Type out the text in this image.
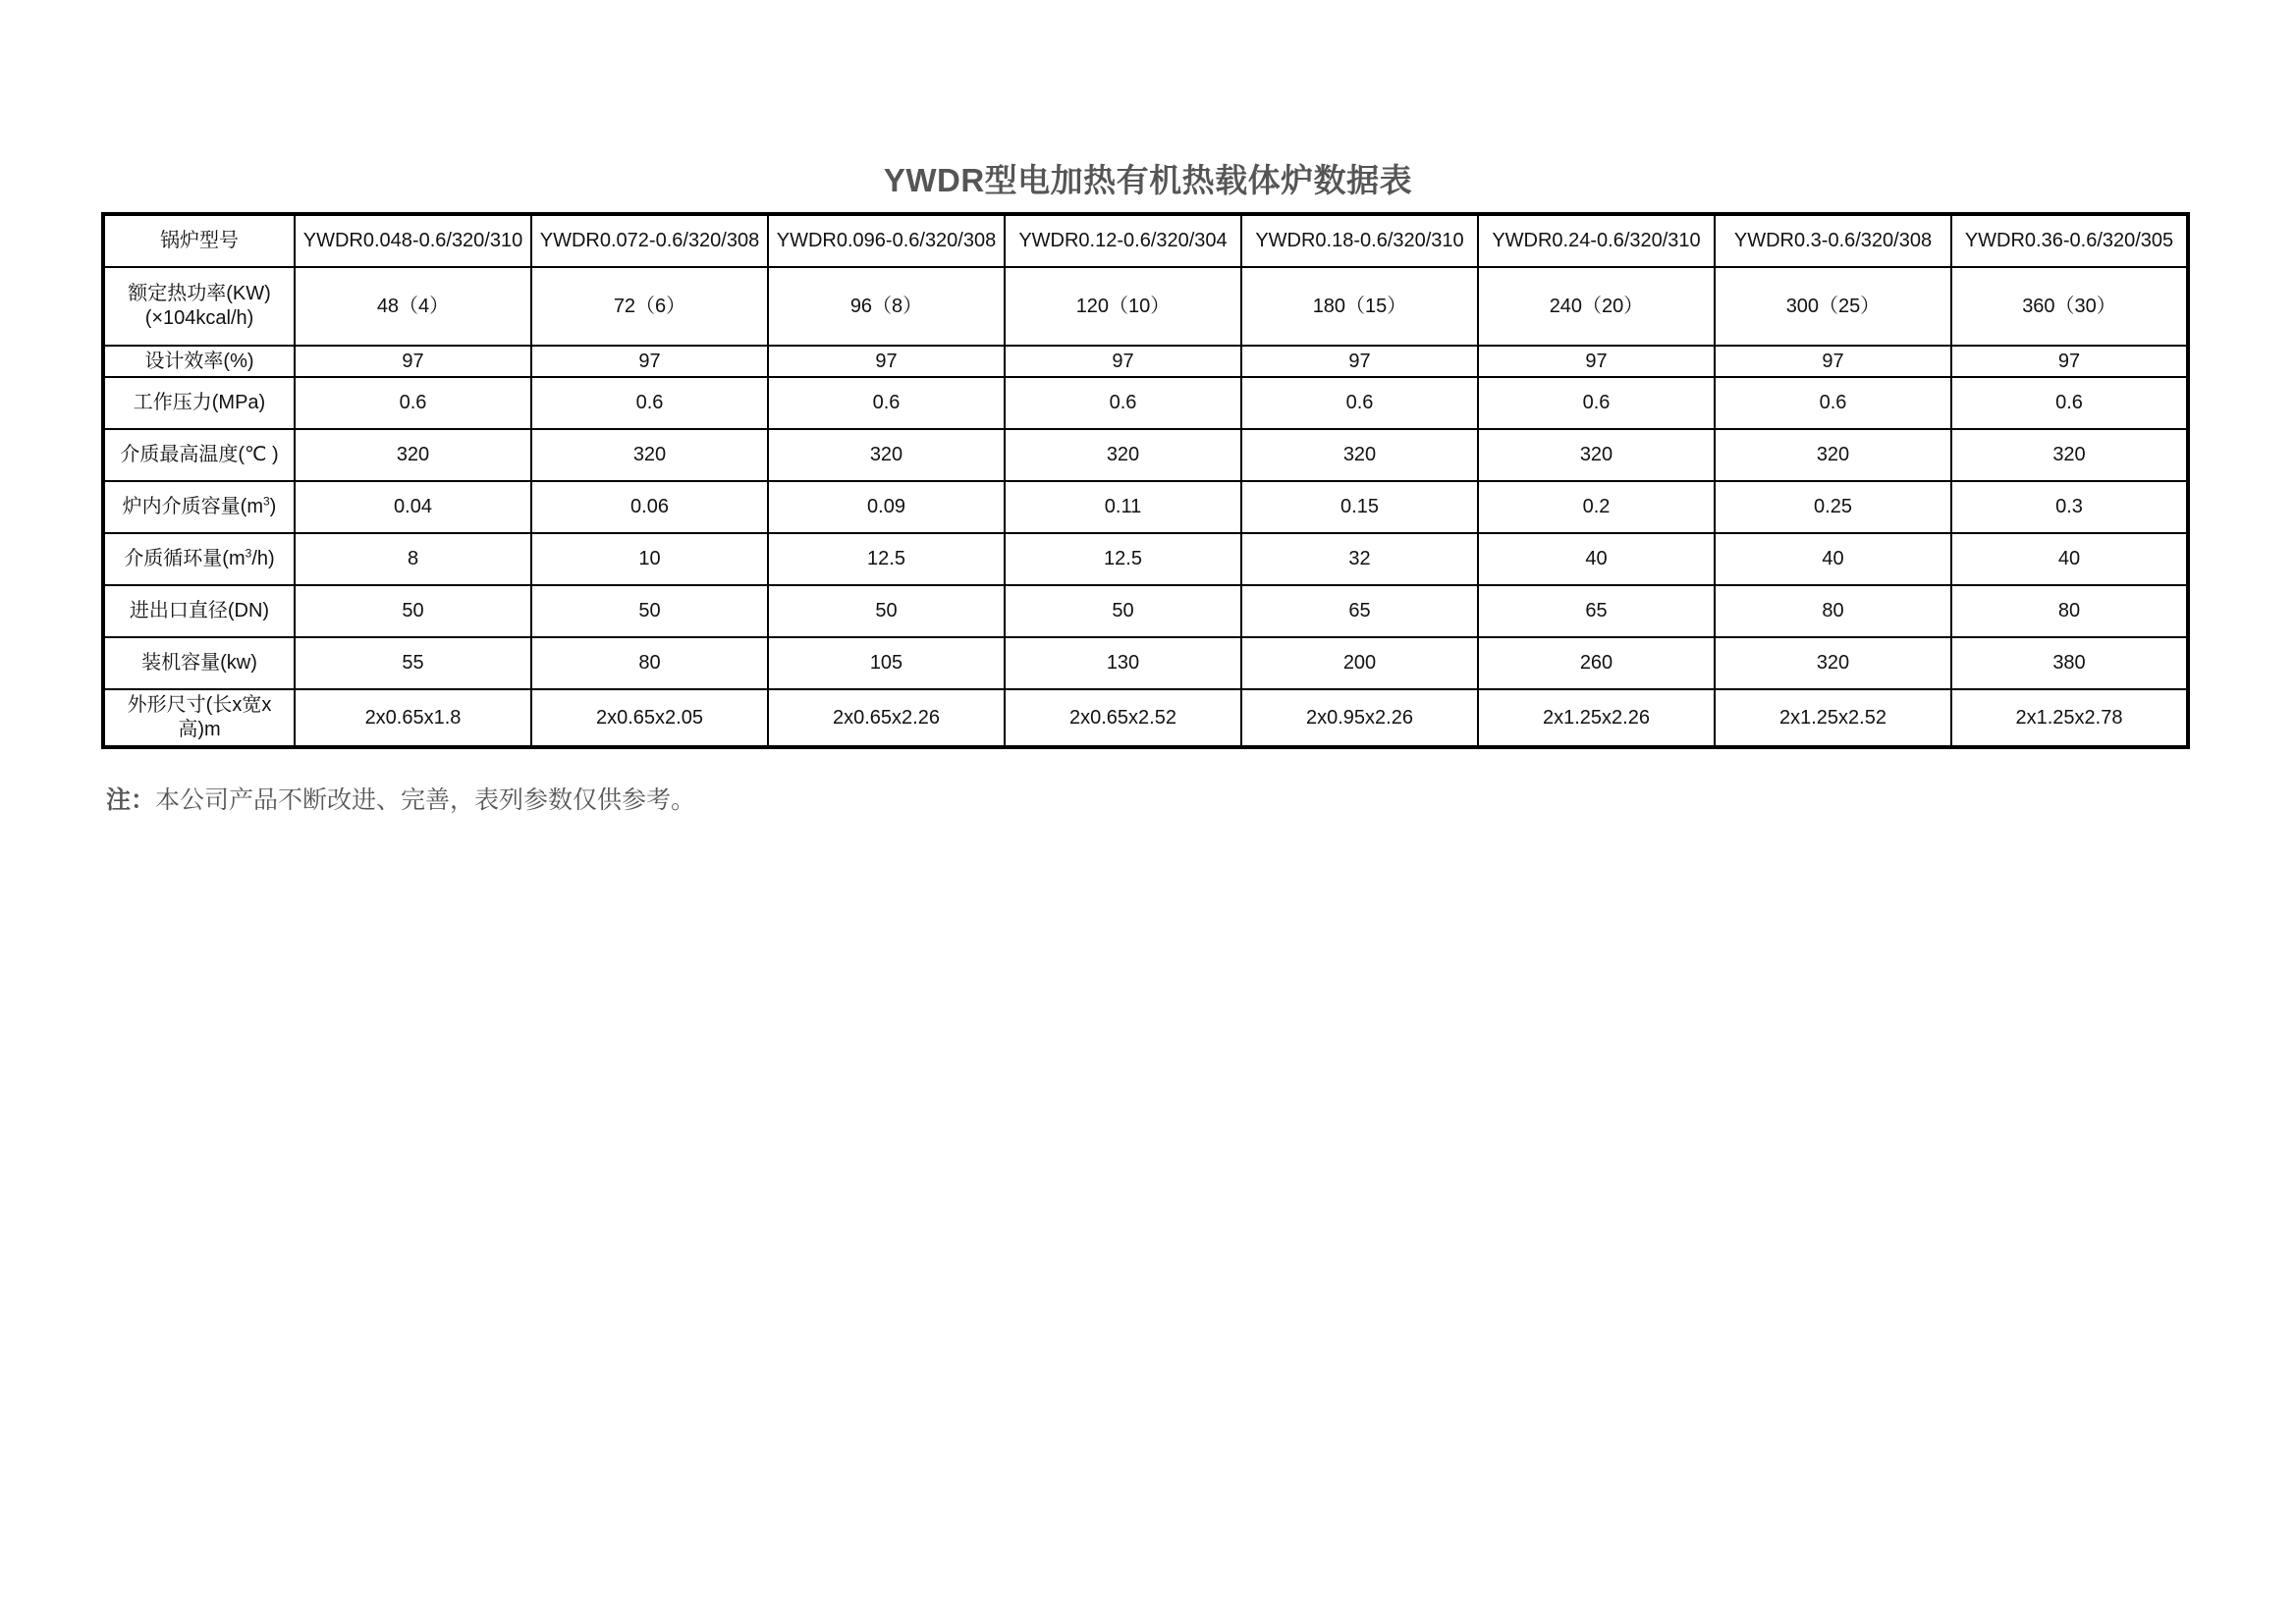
YWDR型电加热有机热载体炉数据表
锅炉型号	YWDR0.048-0.6/320/310	YWDR0.072-0.6/320/308	YWDR0.096-0.6/320/308	YWDR0.12-0.6/320/304	YWDR0.18-0.6/320/310	YWDR0.24-0.6/320/310	YWDR0.3-0.6/320/308	YWDR0.36-0.6/320/305
额定热功率(KW)(×104kcal/h)	48（4）	72（6）	96（8）	120（10）	180（15）	240（20）	300（25）	360（30）
设计效率(%)	97	97	97	97	97	97	97	97
工作压力(MPa)	0.6	0.6	0.6	0.6	0.6	0.6	0.6	0.6
介质最高温度(℃ )	320	320	320	320	320	320	320	320
炉内介质容量$(m^3)$	0.04	0.06	0.09	0.11	0.15	0.2	0.25	0.3
介质循环量$(m^3/h)$	8	10	12.5	12.5	32	40	40	40
进出口直径(DN)	50	50	50	50	65	65	80	80
装机容量(kw)	55	80	105	130	200	260	320	380
外形尺寸(长x宽x高)m	2x0.65x1.8	2x0.65x2.05	2x0.65x2.26	2x0.65x2.52	2x0.95x2.26	2x1.25x2.26	2x1.25x2.52	2x1.25x2.78
注：本公司产品不断改进、完善，表列参数仅供参考。
